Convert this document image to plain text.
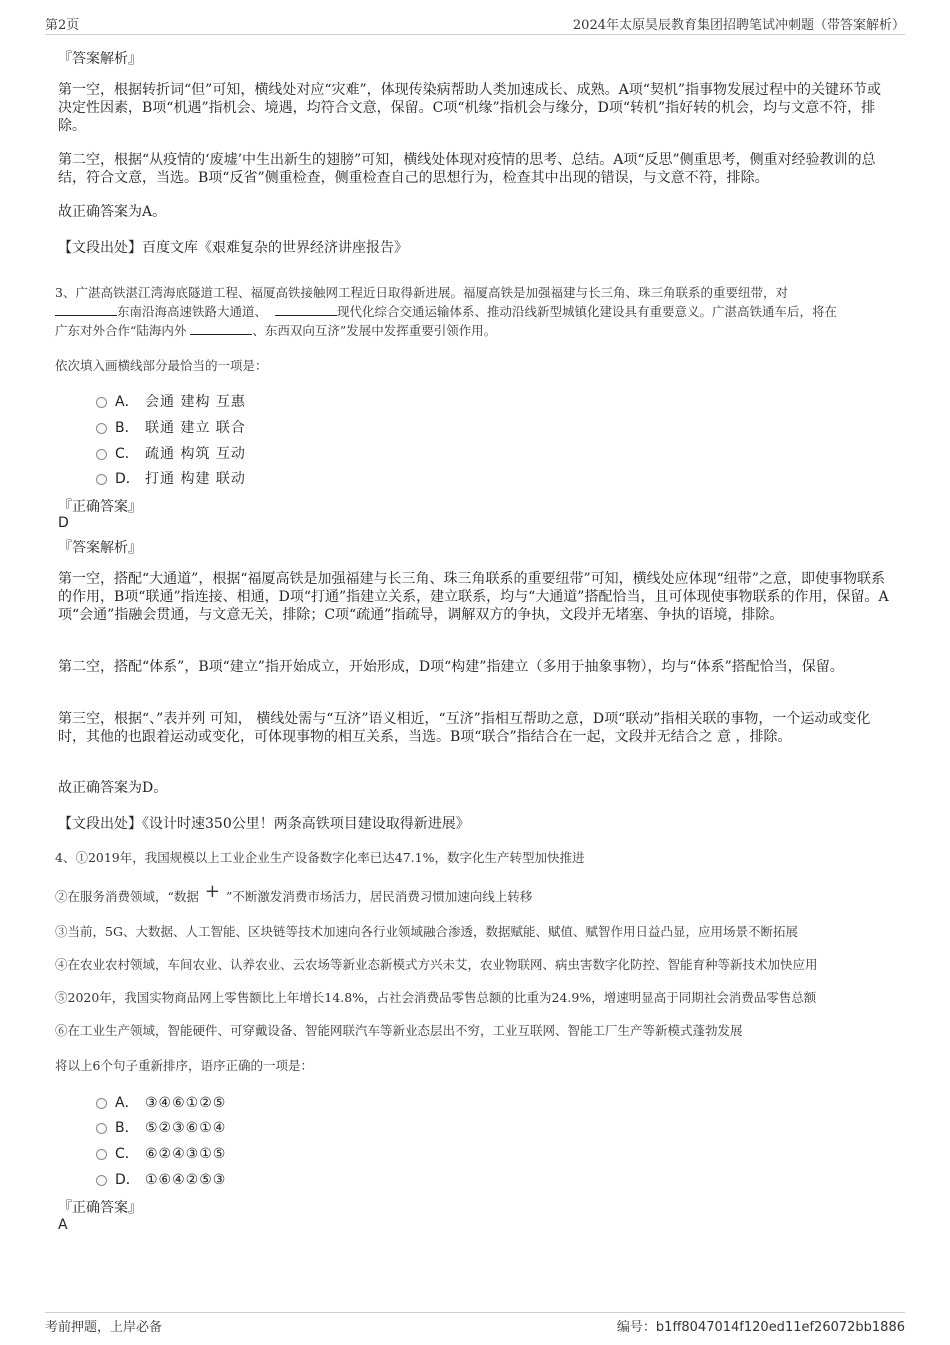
第2页	2024年太原昊辰教育集团招聘笔试冲刺题（带答案解析）
『答案解析』
第一空，根据转折词“但”可知，横线处对应“灾难”，体现传染病帮助人类加速成长、成熟。A项“契机”指事物发展过程中的关键环节或决定性因素，B项“机遇”指机会、境遇，均符合文意，保留。C项“机缘”指机会与缘分，D项“转机”指好转的机会，均与文意不符，排除。
第二空，根据“从疫情的‘废墟’中生出新生的翅膀”可知，横线处体现对疫情的思考、总结。A项“反思”侧重思考，侧重对经验教训的总结，符合文意，当选。B项“反省”侧重检查，侧重检查自己的思想行为，检查其中出现的错误，与文意不符，排除。
故正确答案为A。
【文段出处】百度文库《艰难复杂的世界经济讲座报告》
3、广湛高铁湛江湾海底隧道工程、福厦高铁接触网工程近日取得新进展。福厦高铁是加强福建与长三角、珠三角联系的重要纽带，对
东南沿海高速铁路大通道、	现代化综合交通运输体系、推动沿线新型城镇化建设具有重要意义。广湛高铁通车后，将在
广东对外合作“陆海内外	、东西双向互济”发展中发挥重要引领作用。
依次填入画横线部分最恰当的一项是：
A． 会通 建构 互惠
B． 联通 建立 联合
C． 疏通 构筑 互动
D． 打通 构建 联动
『正确答案』
D
『答案解析』
第一空，搭配“大通道”，根据“福厦高铁是加强福建与长三角、珠三角联系的重要纽带”可知，横线处应体现“纽带”之意，即使事物联系的作用，B项“联通”指连接、相通，D项“打通”指建立关系，建立联系，均与“大通道”搭配恰当，且可体现使事物联系的作用，保留。A项“会通”指融会贯通，与文意无关，排除；C项“疏通”指疏导，调解双方的争执，文段并无堵塞、争执的语境，排除。
第二空，搭配“体系”，B项“建立”指开始成立，开始形成，D项“构建”指建立（多用于抽象事物），均与“体系”搭配恰当，保留。
第三空，根据“、”表并列 可知， 横线处需与“互济”语义相近，“互济”指相互帮助之意，D项“联动”指相关联的事物，一个运动或变化时，其他的也跟着运动或变化，可体现事物的相互关系，当选。B项“联合”指结合在一起，文段并无结合之 意 ，排除。
故正确答案为D。
【文段出处】《设计时速350公里！两条高铁项目建设取得新进展》
4、①2019年，我国规模以上工业企业生产设备数字化率已达47.1%，数字化生产转型加快推进
②在服务消费领域，“数据 + ”不断激发消费市场活力，居民消费习惯加速向线上转移
③当前，5G、大数据、人工智能、区块链等技术加速向各行业领域融合渗透，数据赋能、赋值、赋智作用日益凸显，应用场景不断拓展
④在农业农村领域，车间农业、认养农业、云农场等新业态新模式方兴未艾，农业物联网、病虫害数字化防控、智能育种等新技术加快应用
⑤2020年，我国实物商品网上零售额比上年增长14.8%，占社会消费品零售总额的比重为24.9%，增速明显高于同期社会消费品零售总额
⑥在工业生产领域，智能硬件、可穿戴设备、智能网联汽车等新业态层出不穷，工业互联网、智能工厂生产等新模式蓬勃发展
将以上6个句子重新排序，语序正确的一项是：
A． ③④⑥①②⑤
B． ⑤②③⑥①④
C． ⑥②④③①⑤
D． ①⑥④②⑤③
『正确答案』
A
考前押题，上岸必备	编号：b1ff8047014f120ed11ef26072bb1886
